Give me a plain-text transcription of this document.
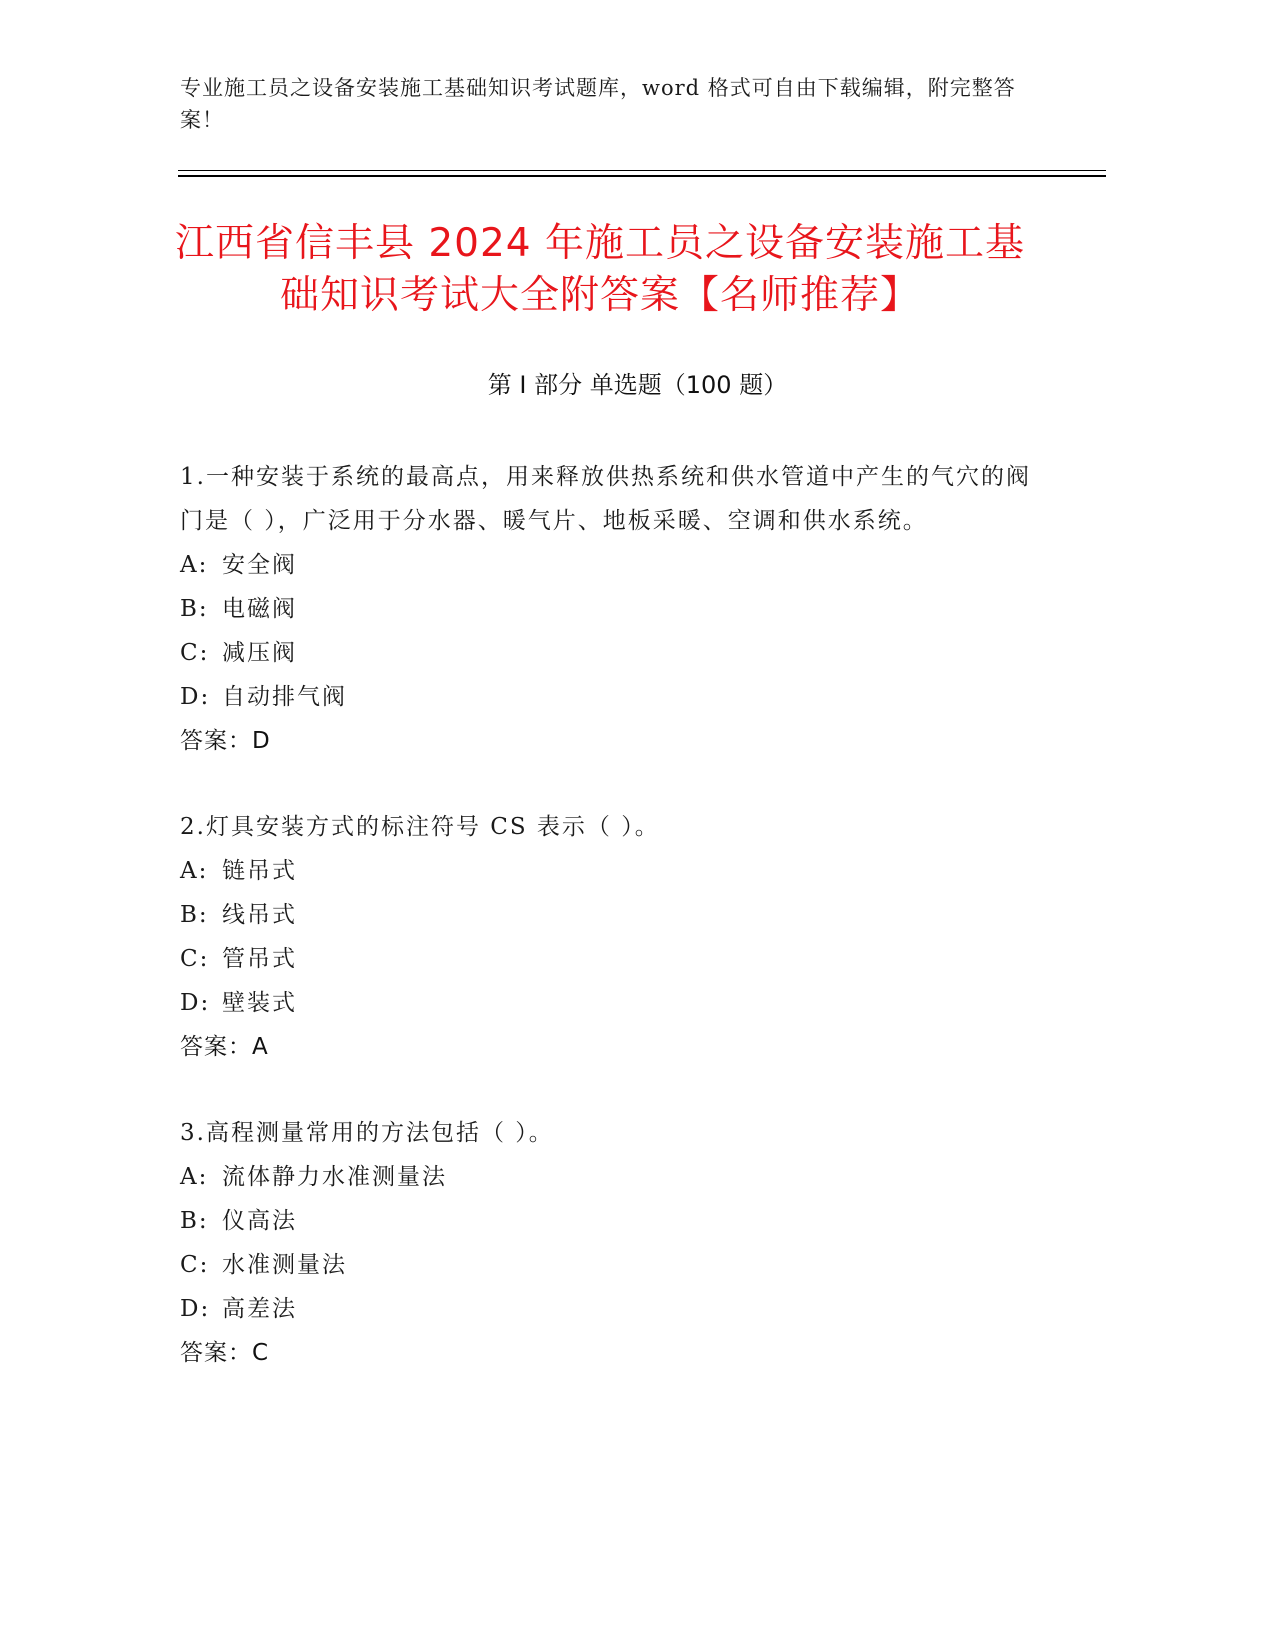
专业施工员之设备安装施工基础知识考试题库，word 格式可自由下载编辑，附完整答案！
江西省信丰县 2024 年施工员之设备安装施工基础知识考试大全附答案【名师推荐】
第 I 部分 单选题（100 题）

1.一种安装于系统的最高点，用来释放供热系统和供水管道中产生的气穴的阀门是（ ），广泛用于分水器、暖气片、地板采暖、空调和供水系统。

A: 安全阀
B: 电磁阀
C: 减压阀
D: 自动排气阀
答案：D

2.灯具安装方式的标注符号 CS 表示（ ）。

A: 链吊式
B: 线吊式
C: 管吊式
D: 壁装式
答案：A

3.高程测量常用的方法包括（ ）。

A: 流体静力水准测量法
B: 仪高法
C: 水准测量法
D: 高差法
答案：C
